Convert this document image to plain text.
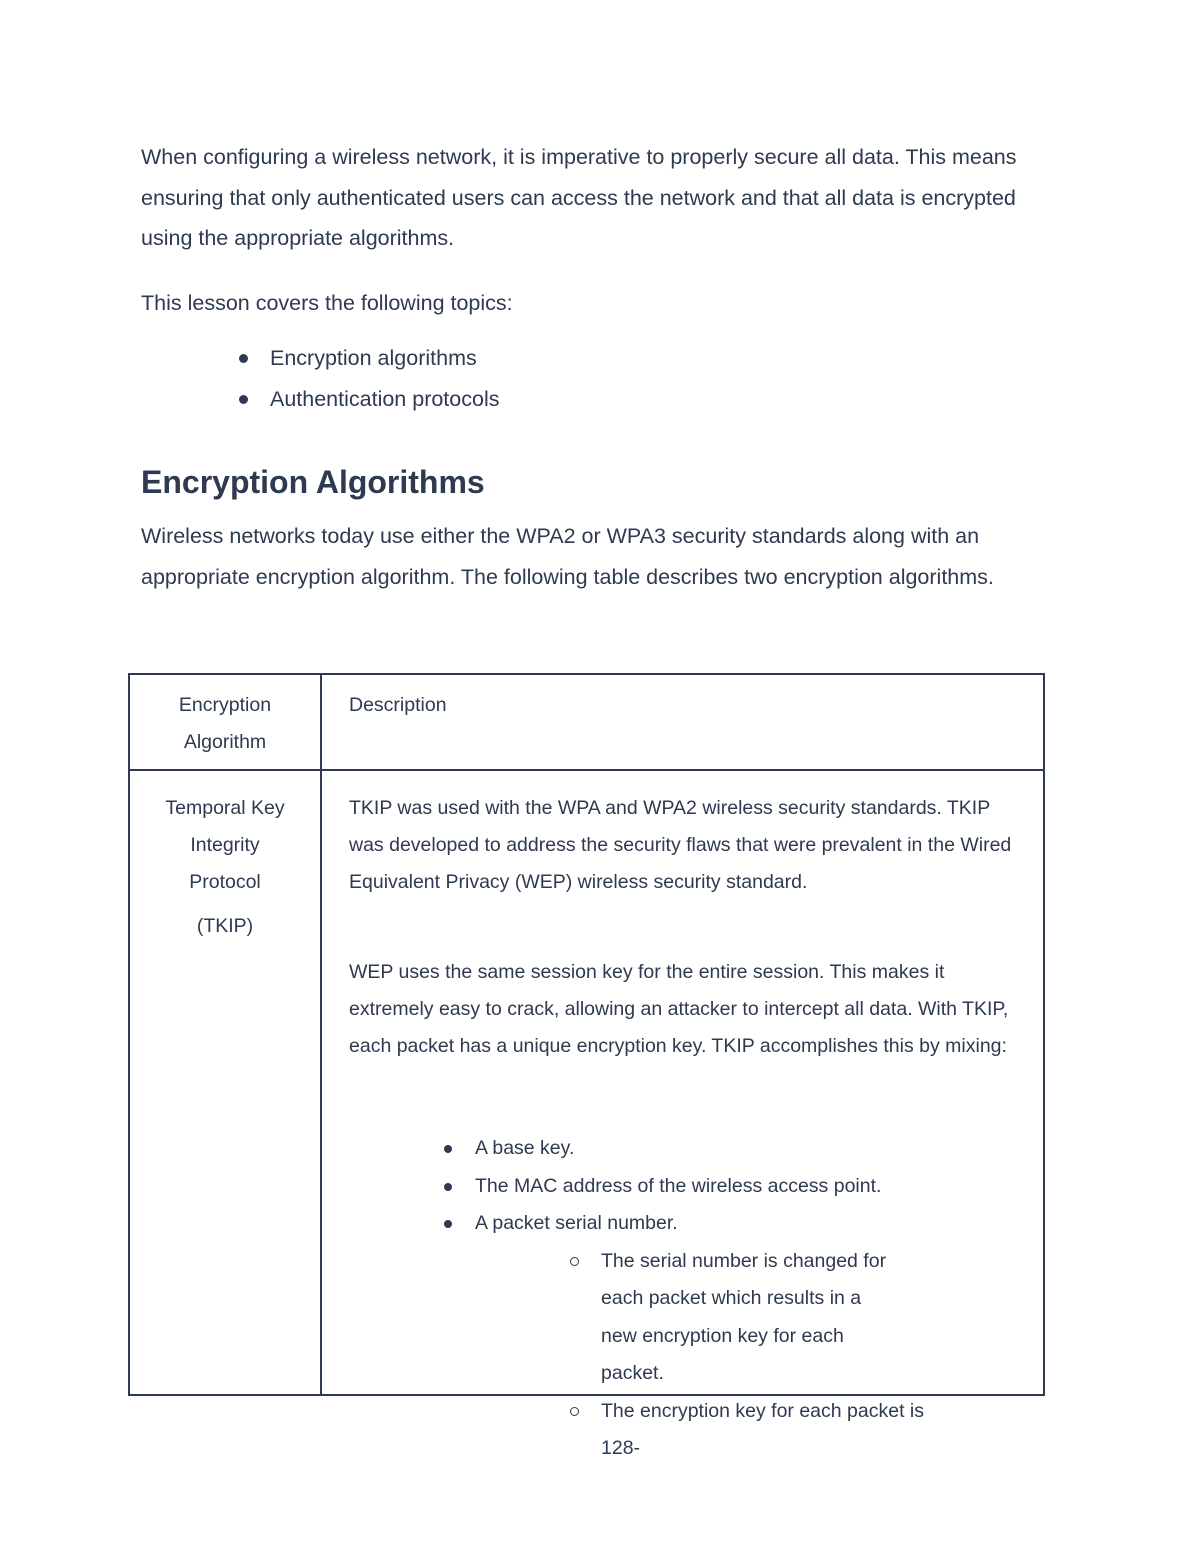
When configuring a wireless network, it is imperative to properly secure all data. This means ensuring that only authenticated users can access the network and that all data is encrypted using the appropriate algorithms.

This lesson covers the following topics:

Encryption algorithms
Authentication protocols
Encryption Algorithms

Wireless networks today use either the WPA2 or WPA3 security standards along with an appropriate encryption algorithm. The following table describes two encryption algorithms.

Encryption Algorithm
Description
Temporal Key Integrity Protocol
(TKIP)
TKIP was used with the WPA and WPA2 wireless security standards. TKIP was developed to address the security flaws that were prevalent in the Wired Equivalent Privacy (WEP) wireless security standard.
WEP uses the same session key for the entire session. This makes it extremely easy to crack, allowing an attacker to intercept all data. With TKIP, each packet has a unique encryption key. TKIP accomplishes this by mixing:
A base key.
The MAC address of the wireless access point.
A packet serial number.
The serial number is changed for each packet which results in a new encryption key for each packet.
The encryption key for each packet is 128-
